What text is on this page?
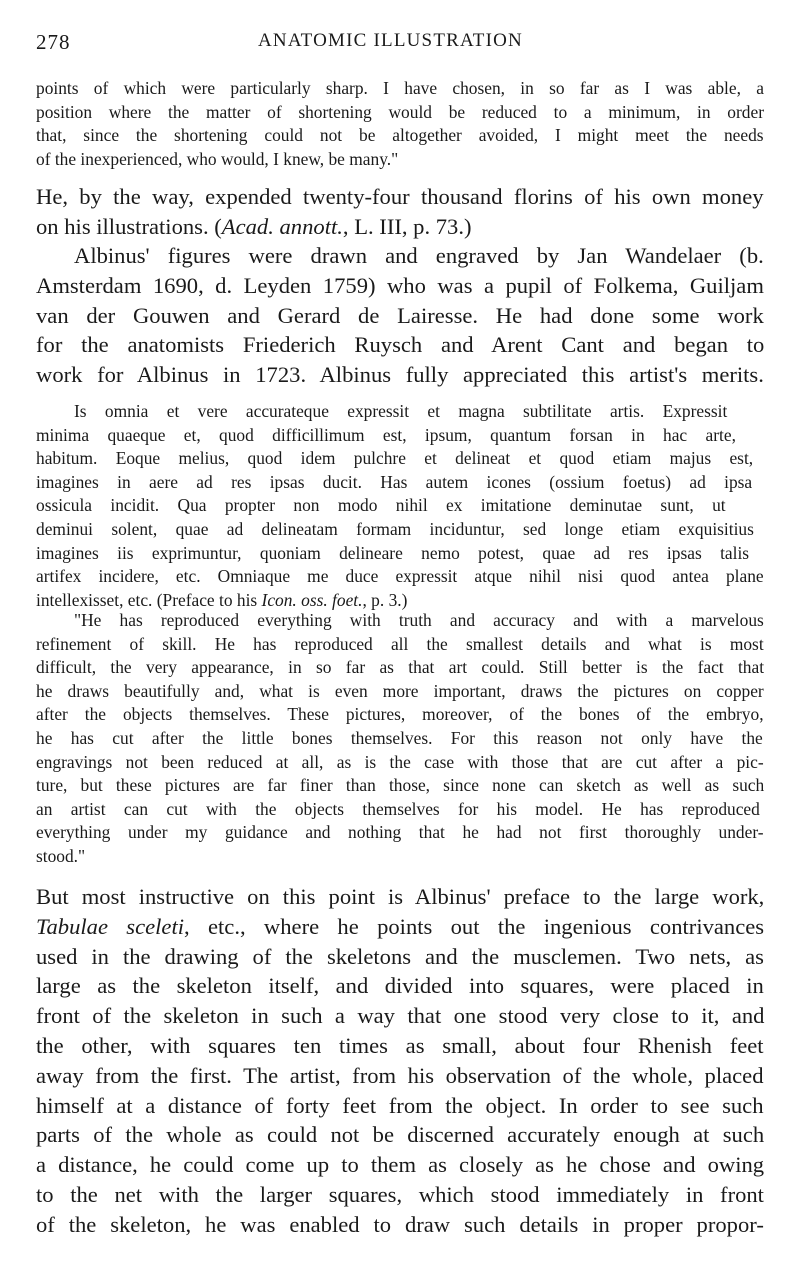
278	ANATOMIC ILLUSTRATION
points of which were particularly sharp. I have chosen, in so far as I was able, a
position where the matter of shortening would be reduced to a minimum, in order
that, since the shortening could not be altogether avoided, I might meet the needs
of the inexperienced, who would, I knew, be many."
He, by the way, expended twenty-four thousand florins of his own money
on his illustrations. (Acad. annott., L. III, p. 73.)
Albinus' figures were drawn and engraved by Jan Wandelaer (b.
Amsterdam 1690, d. Leyden 1759) who was a pupil of Folkema, Guiljam
van der Gouwen and Gerard de Lairesse. He had done some work
for the anatomists Friederich Ruysch and Arent Cant and began to
work for Albinus in 1723. Albinus fully appreciated this artist's merits.
Is omnia et vere accurateque expressit et magna subtilitate artis. Expressit
minima quaeque et, quod difficillimum est, ipsum, quantum forsan in hac arte,
habitum. Eoque melius, quod idem pulchre et delineat et quod etiam majus est,
imagines in aere ad res ipsas ducit. Has autem icones (ossium foetus) ad ipsa
ossicula incidit. Qua propter non modo nihil ex imitatione deminutae sunt, ut
deminui solent, quae ad delineatam formam inciduntur, sed longe etiam exquisitius
imagines iis exprimuntur, quoniam delineare nemo potest, quae ad res ipsas talis
artifex incidere, etc. Omniaque me duce expressit atque nihil nisi quod antea plane
intellexisset, etc. (Preface to his Icon. oss. foet., p. 3.)
"He has reproduced everything with truth and accuracy and with a marvelous
refinement of skill. He has reproduced all the smallest details and what is most
difficult, the very appearance, in so far as that art could. Still better is the fact that
he draws beautifully and, what is even more important, draws the pictures on copper
after the objects themselves. These pictures, moreover, of the bones of the embryo,
he has cut after the little bones themselves. For this reason not only have the
engravings not been reduced at all, as is the case with those that are cut after a pic-
ture, but these pictures are far finer than those, since none can sketch as well as such
an artist can cut with the objects themselves for his model. He has reproduced
everything under my guidance and nothing that he had not first thoroughly under-
stood."
But most instructive on this point is Albinus' preface to the large work,
Tabulae sceleti, etc., where he points out the ingenious contrivances
used in the drawing of the skeletons and the musclemen. Two nets, as
large as the skeleton itself, and divided into squares, were placed in
front of the skeleton in such a way that one stood very close to it, and
the other, with squares ten times as small, about four Rhenish feet
away from the first. The artist, from his observation of the whole, placed
himself at a distance of forty feet from the object. In order to see such
parts of the whole as could not be discerned accurately enough at such
a distance, he could come up to them as closely as he chose and owing
to the net with the larger squares, which stood immediately in front
of the skeleton, he was enabled to draw such details in proper propor-
